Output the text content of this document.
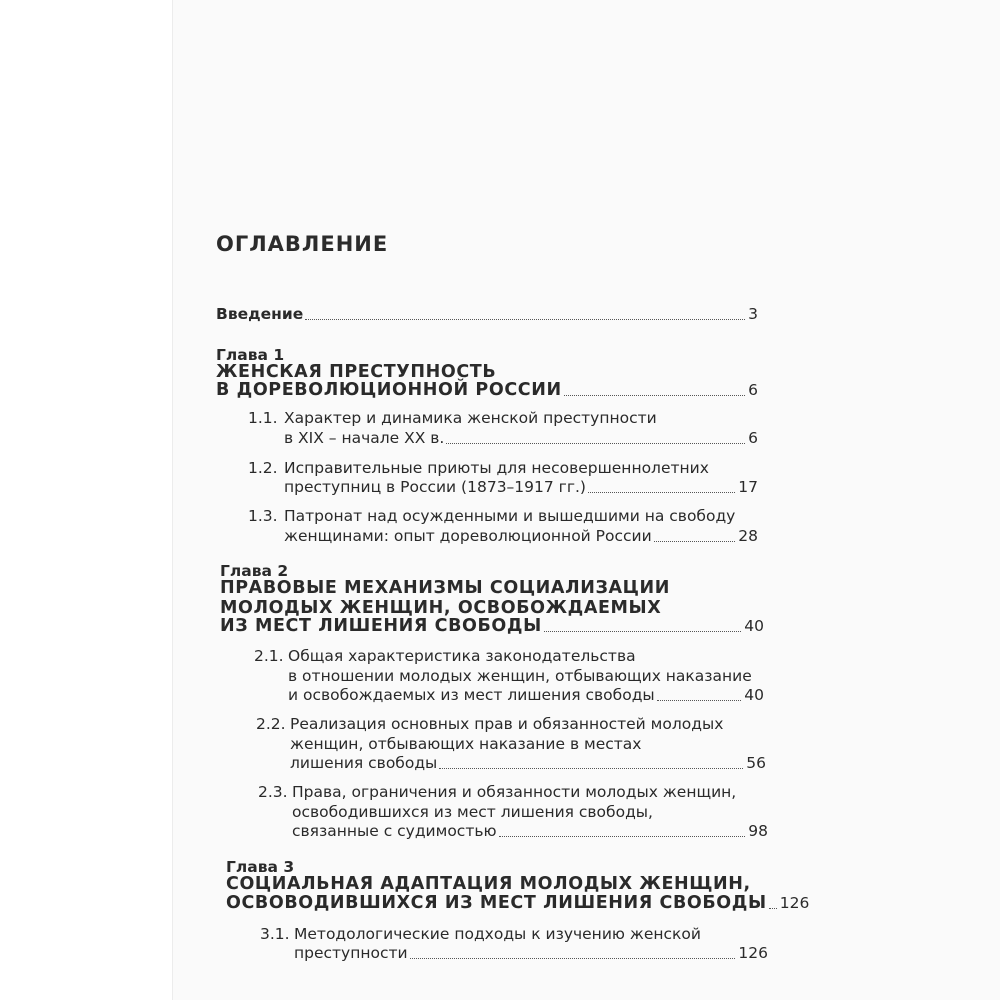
ОГЛАВЛЕНИЕ
Введение	3
Глава 1
ЖЕНСКАЯ ПРЕСТУПНОСТЬ
В ДОРЕВОЛЮЦИОННОЙ РОССИИ	6
1.1. Характер и динамика женской преступности
в XIX – начале XX в.	6
1.2. Исправительные приюты для несовершеннолетних
преступниц в России (1873–1917 гг.)	17
1.3. Патронат над осужденными и вышедшими на свободу
женщинами: опыт дореволюционной России	28
Глава 2
ПРАВОВЫЕ МЕХАНИЗМЫ СОЦИАЛИЗАЦИИ
МОЛОДЫХ ЖЕНЩИН, ОСВОБОЖДАЕМЫХ
ИЗ МЕСТ ЛИШЕНИЯ СВОБОДЫ	40
2.1. Общая характеристика законодательства
в отношении молодых женщин, отбывающих наказание
и освобождаемых из мест лишения свободы	40
2.2. Реализация основных прав и обязанностей молодых
женщин, отбывающих наказание в местах
лишения свободы	56
2.3. Права, ограничения и обязанности молодых женщин,
освободившихся из мест лишения свободы,
связанные с судимостью	98
Глава 3
СОЦИАЛЬНАЯ АДАПТАЦИЯ МОЛОДЫХ ЖЕНЩИН,
ОСВОВОДИВШИХСЯ ИЗ МЕСТ ЛИШЕНИЯ СВОБОДЫ 126
3.1. Методологические подходы к изучению женской
преступности	126
